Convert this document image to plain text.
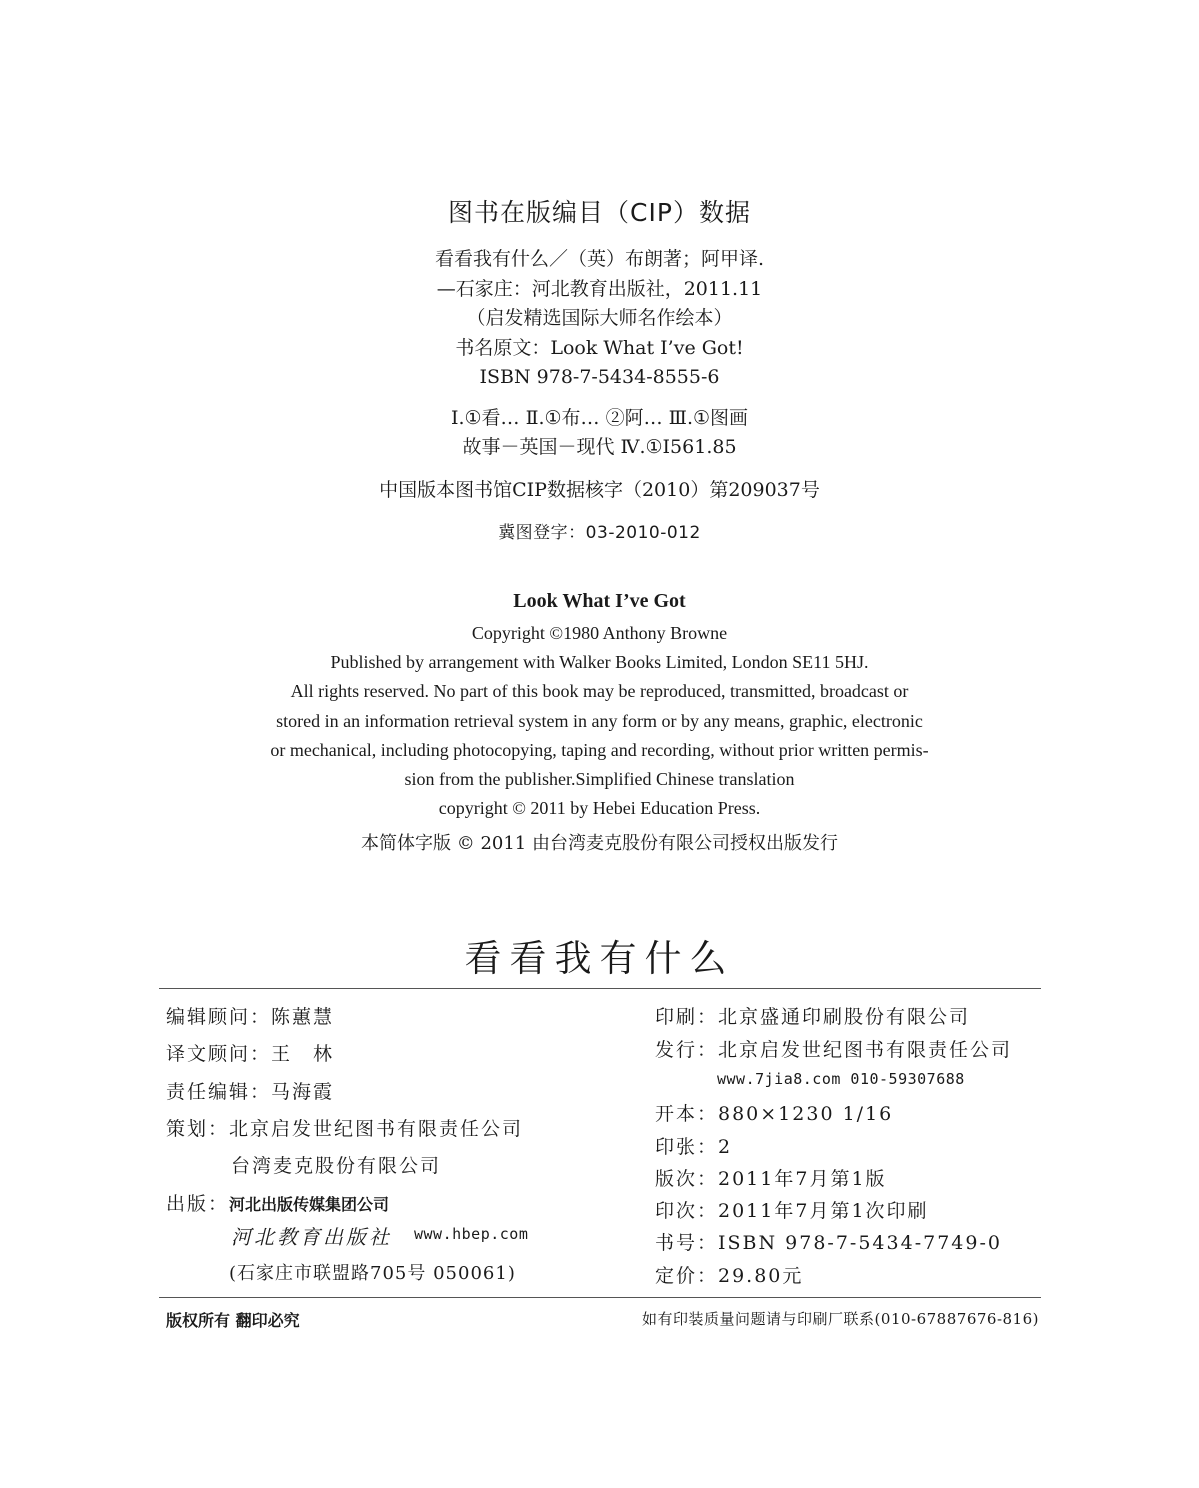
图书在版编目（CIP）数据
看看我有什么／（英）布朗著；阿甲译.
—石家庄：河北教育出版社，2011.11
（启发精选国际大师名作绘本）
书名原文：Look What I’ve Got!
ISBN 978-7-5434-8555-6
Ⅰ.①看… Ⅱ.①布… ②阿… Ⅲ.①图画
故事－英国－现代 Ⅳ.①I561.85
中国版本图书馆CIP数据核字（2010）第209037号
冀图登字：03-2010-012
Look What I’ve Got
Copyright ©1980 Anthony Browne
Published by arrangement with Walker Books Limited, London SE11 5HJ.
All rights reserved. No part of this book may be reproduced, transmitted, broadcast or
stored in an information retrieval system in any form or by any means, graphic, electronic
or mechanical, including photocopying, taping and recording, without prior written permis-
sion from the publisher.Simplified Chinese translation
copyright © 2011 by Hebei Education Press.
本简体字版 © 2011 由台湾麦克股份有限公司授权出版发行
看看我有什么
编辑顾问：陈蕙慧
译文顾问：王　林
责任编辑：马海霞
策划：北京启发世纪图书有限责任公司
台湾麦克股份有限公司
出版： 河北出版传媒集团公司
河北教育出版社 www.hbep.com
(石家庄市联盟路705号 050061)
印刷：北京盛通印刷股份有限公司
发行：北京启发世纪图书有限责任公司
www.7jia8.com 010-59307688
开本：880×1230 1/16
印张：2
版次：2011年7月第1版
印次：2011年7月第1次印刷
书号：ISBN 978-7-5434-7749-0
定价：29.80元
版权所有 翻印必究	如有印装质量问题请与印刷厂联系(010-67887676-816)
